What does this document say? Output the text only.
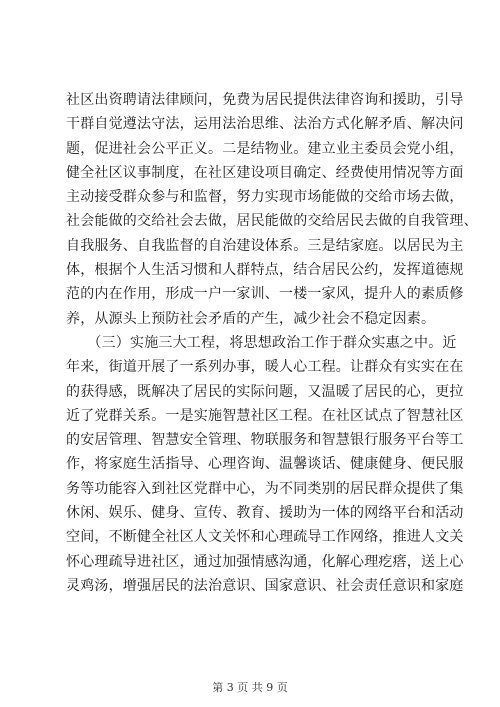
社区出资聘请法律顾问，免费为居民提供法律咨询和援助，引导
干群自觉遵法守法，运用法治思维、法治方式化解矛盾、解决问
题，促进社会公平正义。二是结物业。建立业主委员会党小组，
健全社区议事制度，在社区建设项目确定、经费使用情况等方面
主动接受群众参与和监督，努力实现市场能做的交给市场去做，
社会能做的交给社会去做，居民能做的交给居民去做的自我管理、
自我服务、自我监督的自治建设体系。三是结家庭。以居民为主
体，根据个人生活习惯和人群特点，结合居民公约，发挥道德规
范的内在作用，形成一户一家训、一楼一家风，提升人的素质修
养，从源头上预防社会矛盾的产生，减少社会不稳定因素。
　　（三）实施三大工程，将思想政治工作于群众实惠之中。近
年来，街道开展了一系列办事，暖人心工程。让群众有实实在在
的获得感，既解决了居民的实际问题，又温暖了居民的心，更拉
近了党群关系。一是实施智慧社区工程。在社区试点了智慧社区
的安居管理、智慧安全管理、物联服务和智慧银行服务平台等工
作，将家庭生活指导、心理咨询、温馨谈话、健康健身、便民服
务等功能容入到社区党群中心，为不同类别的居民群众提供了集
休闲、娱乐、健身、宣传、教育、援助为一体的网络平台和活动
空间，不断健全社区人文关怀和心理疏导工作网络，推进人文关
怀心理疏导进社区，通过加强情感沟通，化解心理疙瘩，送上心
灵鸡汤，增强居民的法治意识、国家意识、社会责任意识和家庭
第 3 页 共 9 页
